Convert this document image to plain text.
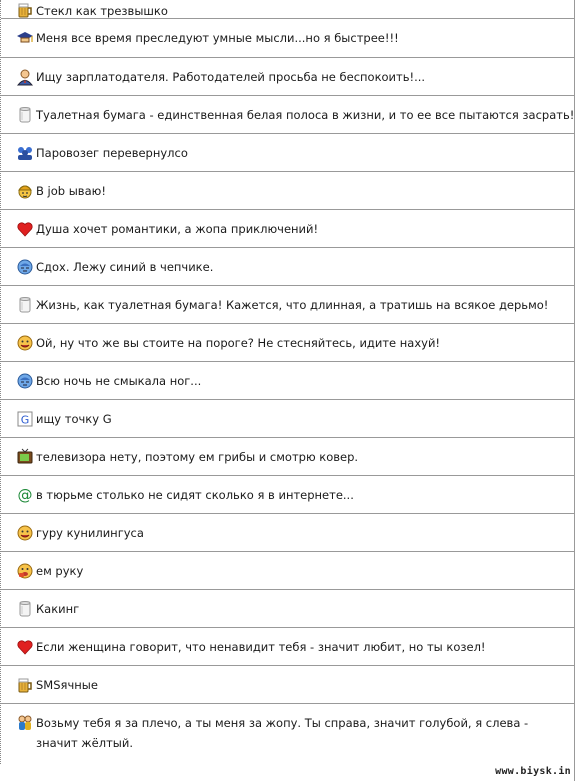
Стекл как трезвышко
Меня все время преследуют умные мысли...но я быстрее!!!
Ищу зарплатодателя. Работодателей просьба не беспокоить!...
Туалетная бумага - единственная белая полоса в жизни, и то ее все пытаются засрать!
Паровозег перевернулсо
В job ываю!
Душа хочет романтики, а жопа приключений!
Сдох. Лежу синий в чепчике.
Жизнь, как туалетная бумага! Кажется, что длинная, а тратишь на всякое дерьмо!
Ой, ну что же вы стоите на пороге? Не стесняйтесь, идите нахуй!
Всю ночь не смыкала ног...
G ищу точку G
телевизора нету, поэтому ем грибы и смотрю ковер.
@ в тюрьме столько не сидят сколько я в интернете...
гуру кунилингуса
ем руку
Какинг
Если женщина говорит, что ненавидит тебя - значит любит, но ты козел!
SMSячные
Возьму тебя я за плечо, а ты меня за жопу. Ты справа, значит голубой, я слева - значит жёлтый.
www.biysk.in
